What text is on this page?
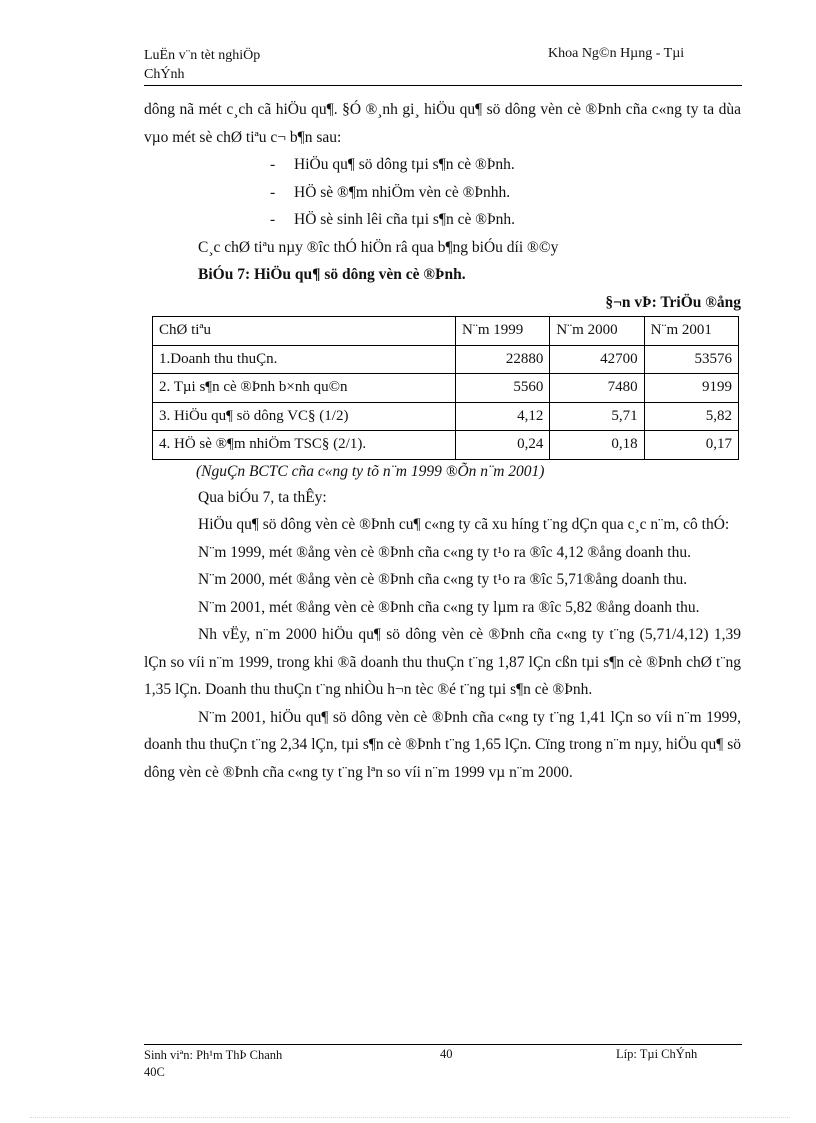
LuËn v¨n tèt nghiÖp
ChÝnh
Khoa Ng©n Hµng - Tµi

dông nã mét c¸ch cã hiÖu qu¶. §Ó ®¸nh gi¸ hiÖu qu¶ sö dông vèn cè ®Þnh cña c«ng ty ta dùa vµo mét sè chØ tiªu c¬ b¶n sau:

- HiÖu qu¶ sö dông tµi s¶n cè ®Þnh.
- HÖ sè ®¶m nhiÖm vèn cè ®Þnhh.
- HÖ sè sinh lêi cña tµi s¶n cè ®Þnh.

C¸c chØ tiªu nµy ®îc thÓ hiÖn râ qua b¶ng biÓu díi ®©y

BiÓu 7: HiÖu qu¶ sö dông vèn cè ®Þnh.

§¬n vÞ: TriÖu ®ång

ChØ tiªu	N¨m 1999	N¨m 2000	N¨m 2001
1.Doanh thu thuÇn.	22880	42700	53576
2. Tµi s¶n cè ®Þnh b×nh qu©n	5560	7480	9199
3. HiÖu qu¶ sö dông VC§ (1/2)	4,12	5,71	5,82
4. HÖ sè ®¶m nhiÖm TSC§ (2/1).	0,24	0,18	0,17

(NguÇn BCTC cña c«ng ty tõ n¨m 1999 ®Õn n¨m 2001)

Qua biÓu 7, ta thÊy:

HiÖu qu¶ sö dông vèn cè ®Þnh cu¶ c«ng ty cã xu híng t¨ng dÇn qua c¸c n¨m, cô thÓ:

N¨m 1999, mét ®ång vèn cè ®Þnh cña c«ng ty t¹o ra ®îc 4,12 ®ång doanh thu.

N¨m 2000, mét ®ång vèn cè ®Þnh cña c«ng ty t¹o ra ®îc 5,71®ång doanh thu.

N¨m 2001, mét ®ång vèn cè ®Þnh cña c«ng ty lµm ra ®îc 5,82 ®ång doanh thu.

Nh vËy, n¨m 2000 hiÖu qu¶ sö dông vèn cè ®Þnh cña c«ng ty t¨ng (5,71/4,12) 1,39 lÇn so víi n¨m 1999, trong khi ®ã doanh thu thuÇn t¨ng 1,87 lÇn cßn tµi s¶n cè ®Þnh chØ t¨ng 1,35 lÇn. Doanh thu thuÇn t¨ng nhiÒu h¬n tèc ®é t¨ng tµi s¶n cè ®Þnh.

N¨m 2001, hiÖu qu¶ sö dông vèn cè ®Þnh cña c«ng ty t¨ng 1,41 lÇn so víi n¨m 1999, doanh thu thuÇn t¨ng 2,34 lÇn, tµi s¶n cè ®Þnh t¨ng 1,65 lÇn. Cïng trong n¨m nµy, hiÖu qu¶ sö dông vèn cè ®Þnh cña c«ng ty t¨ng lªn so víi n¨m 1999 vµ n¨m 2000.

Sinh viªn: Ph¹m ThÞ Chanh
40C
40	Líp: Tµi ChÝnh
